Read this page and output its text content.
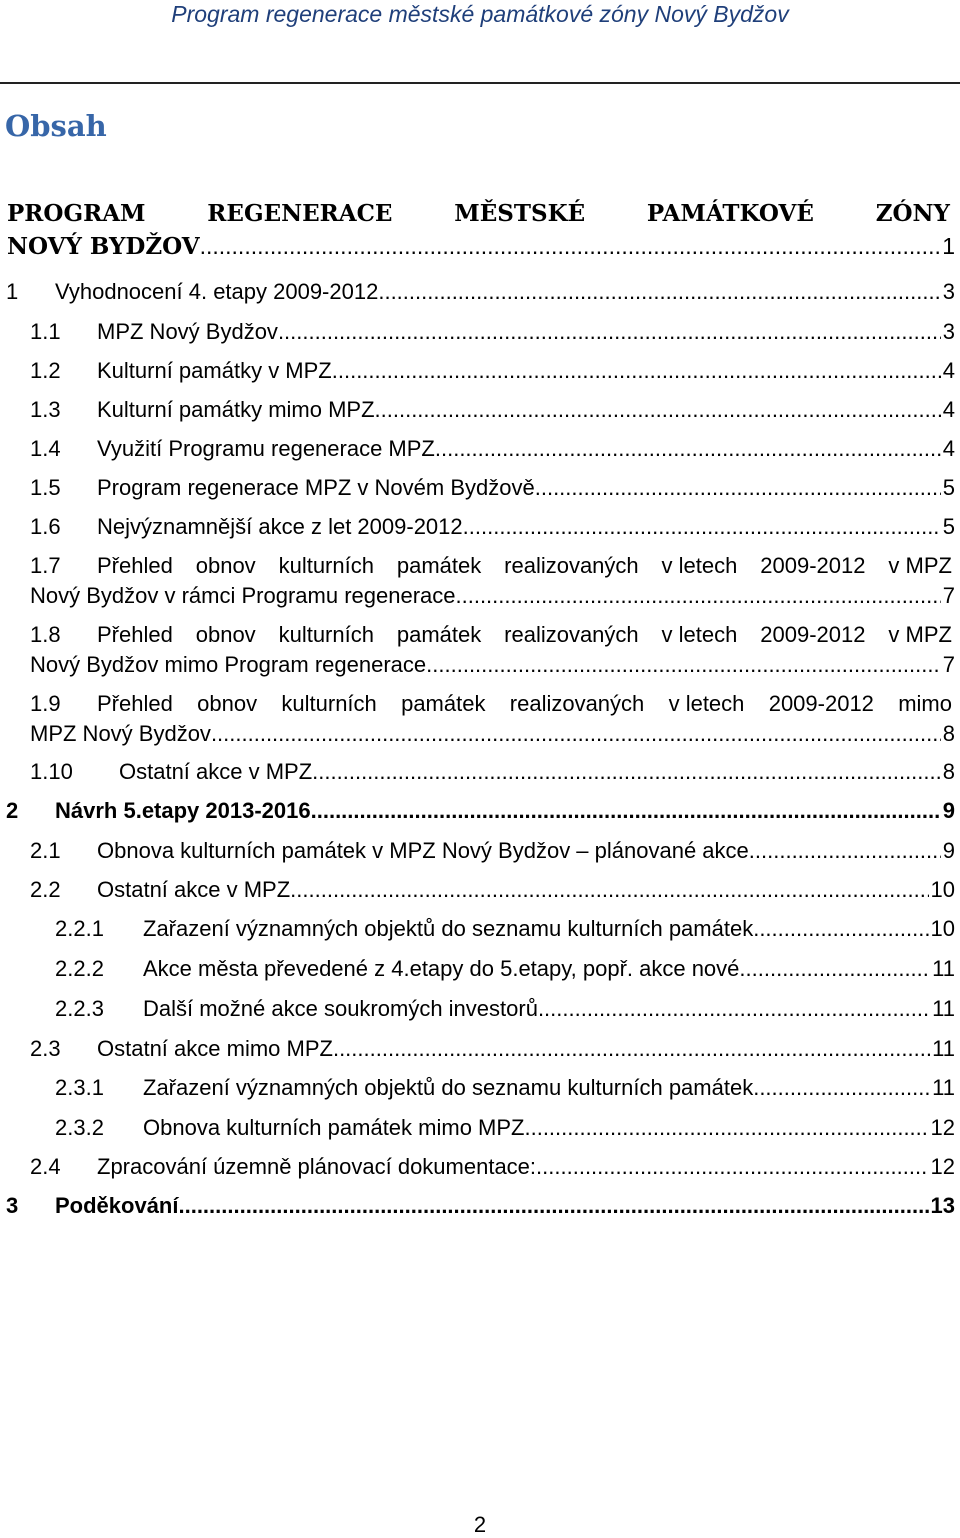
Program regenerace městské památkové zóny Nový Bydžov
Obsah
PROGRAM	REGENERACE	MĚSTSKÉ	PAMÁTKOVÉ	ZÓNY
NOVÝ BYDŽOV .....	1
1 Vyhodnocení 4. etapy 2009-2012 .....	3
1.1 MPZ Nový Bydžov .....	3
1.2 Kulturní památky v MPZ .....	4
1.3 Kulturní památky mimo MPZ .....	4
1.4 Využití Programu regenerace MPZ .....	4
1.5 Program regenerace MPZ v Novém Bydžově .....	5
1.6 Nejvýznamnější akce z let 2009-2012 .....	5
1.7 Přehled obnov kulturních památek realizovaných v letech 2009-2012 v MPZ
Nový Bydžov v rámci Programu regenerace .....	7
1.8 Přehled obnov kulturních památek realizovaných v letech 2009-2012 v MPZ
Nový Bydžov mimo Program regenerace .....	7
1.9 Přehled obnov kulturních památek realizovaných v letech 2009-2012 mimo
MPZ Nový Bydžov .....	8
1.10 Ostatní akce v MPZ .....	8
2 Návrh 5.etapy 2013-2016 .....	9
2.1 Obnova kulturních památek v MPZ Nový Bydžov – plánované akce .....	9
2.2 Ostatní akce v MPZ .....	10
2.2.1 Zařazení významných objektů do seznamu kulturních památek .....	10
2.2.2 Akce města převedené z 4.etapy do 5.etapy, popř. akce nové .....	11
2.2.3 Další možné akce soukromých investorů .....	11
2.3 Ostatní akce mimo MPZ .....	11
2.3.1 Zařazení významných objektů do seznamu kulturních památek .....	11
2.3.2 Obnova kulturních památek mimo MPZ .....	12
2.4 Zpracování územně plánovací dokumentace: .....	12
3 Poděkování .....	13
2
